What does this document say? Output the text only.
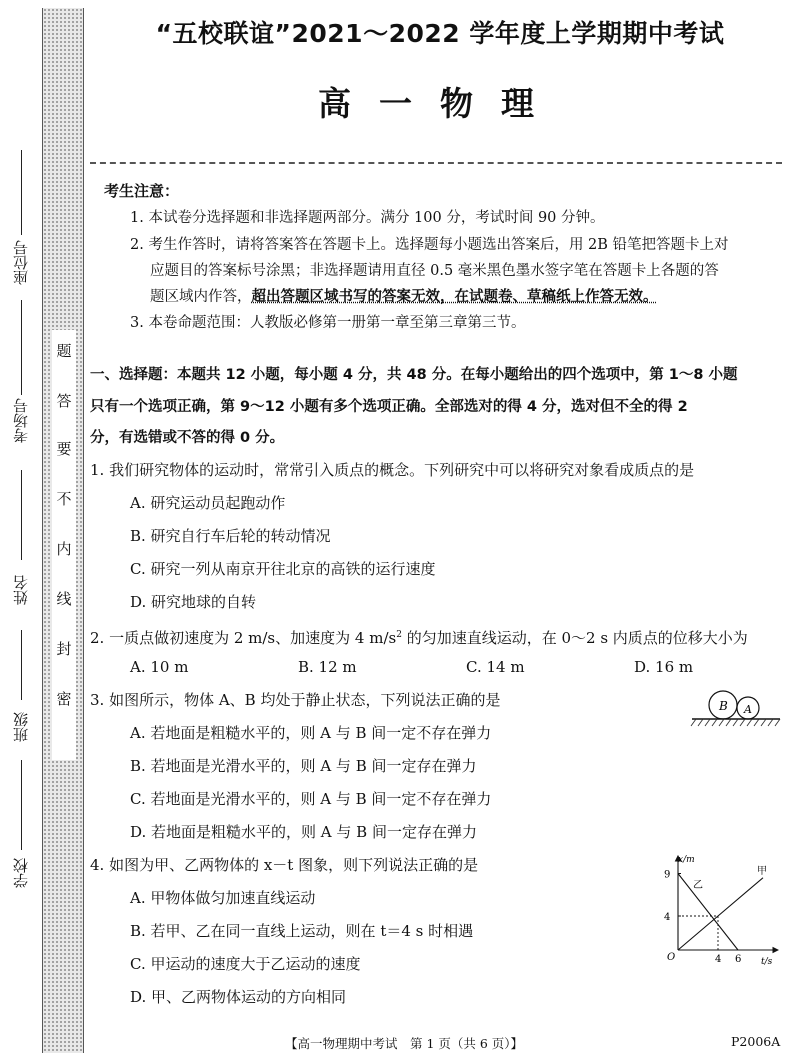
题
答
要
不
内
线
封
密
座位号
考场号
姓名
班级
学校
“五校联谊”2021～2022 学年度上学期期中考试
高一物理
考生注意：
1. 本试卷分选择题和非选择题两部分。满分 100 分，考试时间 90 分钟。
2. 考生作答时，请将答案答在答题卡上。选择题每小题选出答案后，用 2B 铅笔把答题卡上对
应题目的答案标号涂黑；非选择题请用直径 0.5 毫米黑色墨水签字笔在答题卡上各题的答
题区域内作答，超出答题区域书写的答案无效，在试题卷、草稿纸上作答无效。
3. 本卷命题范围：人教版必修第一册第一章至第三章第三节。
一、选择题：本题共 12 小题，每小题 4 分，共 48 分。在每小题给出的四个选项中，第 1～8 小题
只有一个选项正确，第 9～12 小题有多个选项正确。全部选对的得 4 分，选对但不全的得 2
分，有选错或不答的得 0 分。
1. 我们研究物体的运动时，常常引入质点的概念。下列研究中可以将研究对象看成质点的是
A. 研究运动员起跑动作
B. 研究自行车后轮的转动情况
C. 研究一列从南京开往北京的高铁的运行速度
D. 研究地球的自转
2. 一质点做初速度为 2 m/s、加速度为 4 $m/s^2$ 的匀加速直线运动，在 0～2 s 内质点的位移大小为
A. 10 m	B. 12 m	C. 14 m	D. 16 m
3. 如图所示，物体 A、B 均处于静止状态，下列说法正确的是
A. 若地面是粗糙水平的，则 A 与 B 间一定不存在弹力
B. 若地面是光滑水平的，则 A 与 B 间一定存在弹力
C. 若地面是光滑水平的，则 A 与 B 间一定不存在弹力
D. 若地面是粗糙水平的，则 A 与 B 间一定存在弹力
B A
4. 如图为甲、乙两物体的 x－t 图象，则下列说法正确的是
A. 甲物体做匀加速直线运动
B. 若甲、乙在同一直线上运动，则在 t＝4 s 时相遇
C. 甲运动的速度大于乙运动的速度
D. 甲、乙两物体运动的方向相同
x/m
t/s
O
甲
乙
4
9
4 6
【高一物理期中考试　第 1 页（共 6 页）】	P2006A
